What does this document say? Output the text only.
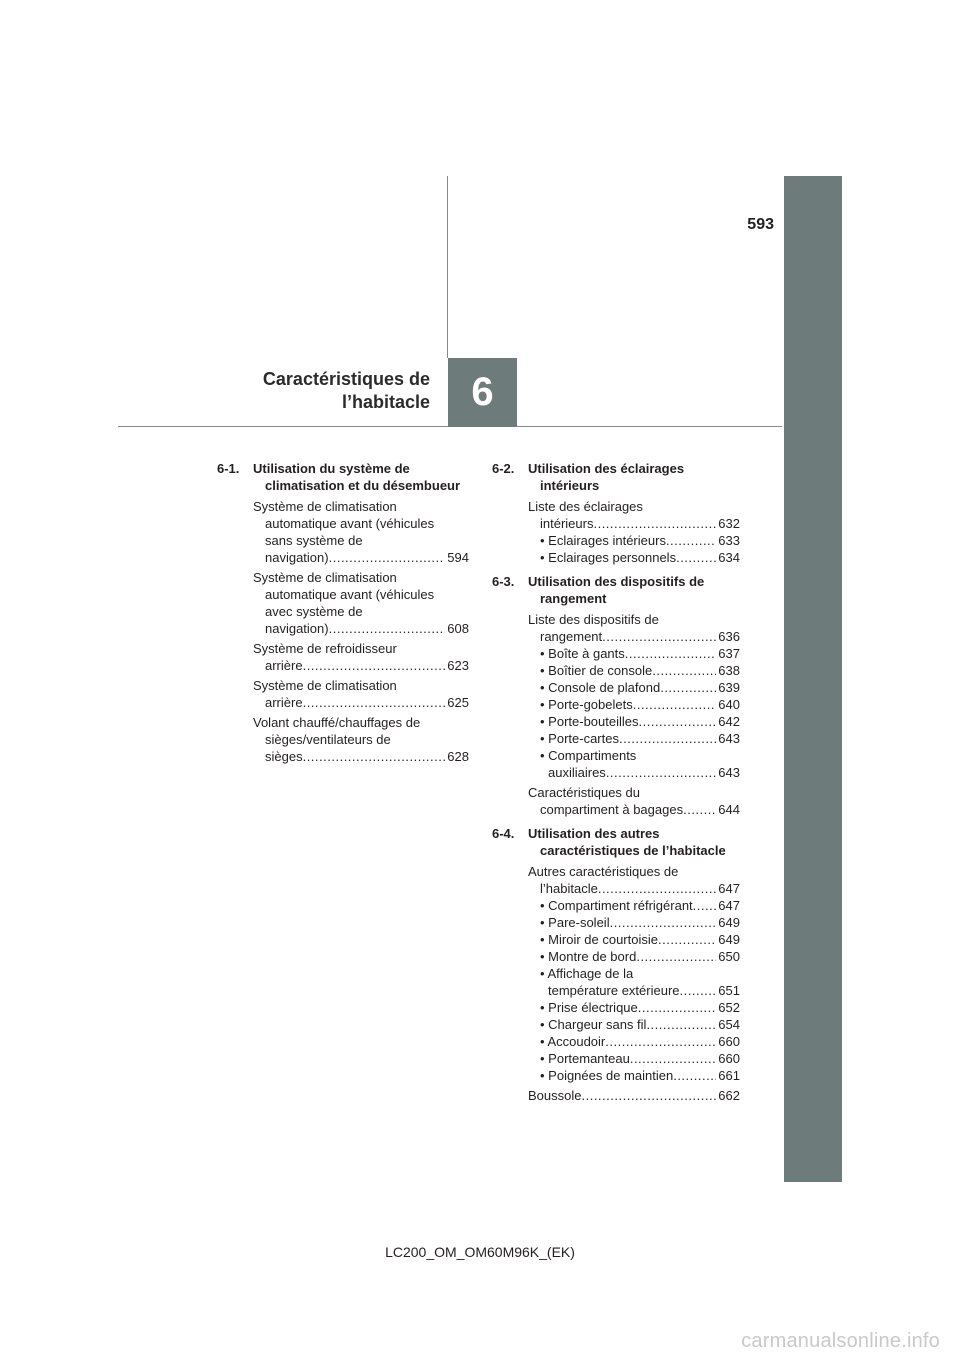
593
6
Caractéristiques de
l’habitacle
6-1.	Utilisation du système de
climatisation et du désembueur
Système de climatisation
automatique avant (véhicules
sans système de
navigation) .....	594
Système de climatisation
automatique avant (véhicules
avec système de
navigation) .....	608
Système de refroidisseur
arrière .....	623
Système de climatisation
arrière .....	625
Volant chauffé/chauffages de
sièges/ventilateurs de
sièges .....	628
6-2.	Utilisation des éclairages
intérieurs
Liste des éclairages
intérieurs .....	632
• Eclairages intérieurs .....	633
• Eclairages personnels .....	634
6-3.	Utilisation des dispositifs de
rangement
Liste des dispositifs de
rangement .....	636
• Boîte à gants .....	637
• Boîtier de console .....	638
• Console de plafond .....	639
• Porte-gobelets .....	640
• Porte-bouteilles .....	642
• Porte-cartes .....	643
• Compartiments
auxiliaires .....	643
Caractéristiques du
compartiment à bagages .....	644
6-4.	Utilisation des autres
caractéristiques de l’habitacle
Autres caractéristiques de
l’habitacle .....	647
• Compartiment réfrigérant ..... 647
• Pare-soleil .....	649
• Miroir de courtoisie .....	649
• Montre de bord .....	650
• Affichage de la
température extérieure .....	651
• Prise électrique .....	652
• Chargeur sans fil .....	654
• Accoudoir .....	660
• Portemanteau .....	660
• Poignées de maintien .....	661
Boussole .....	662
LC200_OM_OM60M96K_(EK)
carmanualsonline.info
